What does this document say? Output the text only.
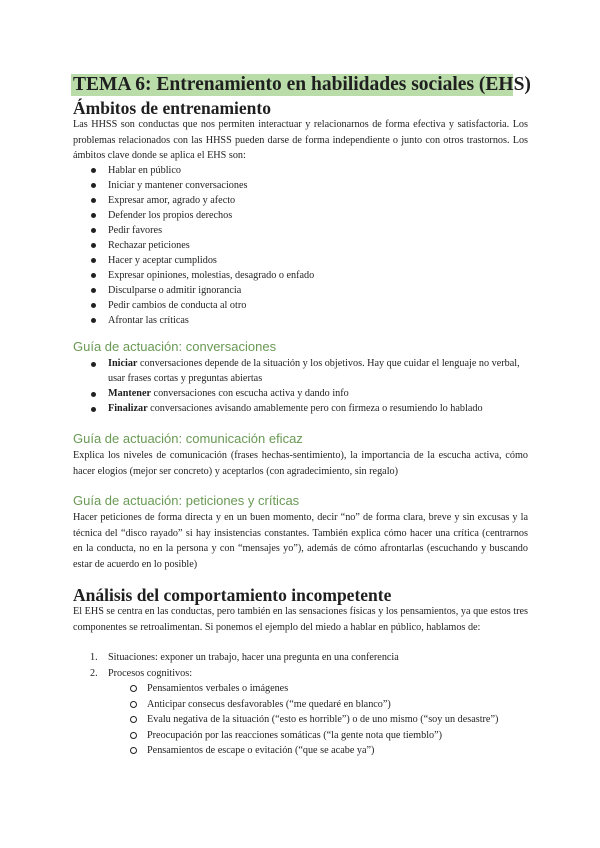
TEMA 6: Entrenamiento en habilidades sociales (EHS)
Ámbitos de entrenamiento
Las HHSS son conductas que nos permiten interactuar y relacionarnos de forma efectiva y satisfactoria. Los problemas relacionados con las HHSS pueden darse de forma independiente o junto con otros trastornos. Los ámbitos clave donde se aplica el EHS son:
Hablar en público
Iniciar y mantener conversaciones
Expresar amor, agrado y afecto
Defender los propios derechos
Pedir favores
Rechazar peticiones
Hacer y aceptar cumplidos
Expresar opiniones, molestias, desagrado o enfado
Disculparse o admitir ignorancia
Pedir cambios de conducta al otro
Afrontar las críticas
Guía de actuación: conversaciones
Iniciar conversaciones depende de la situación y los objetivos. Hay que cuidar el lenguaje no verbal, usar frases cortas y preguntas abiertas
Mantener conversaciones con escucha activa y dando info
Finalizar conversaciones avisando amablemente pero con firmeza o resumiendo lo hablado
Guía de actuación: comunicación eficaz
Explica los niveles de comunicación (frases hechas-sentimiento), la importancia de la escucha activa, cómo hacer elogios (mejor ser concreto) y aceptarlos (con agradecimiento, sin regalo)
Guía de actuación: peticiones y críticas
Hacer peticiones de forma directa y en un buen momento, decir “no” de forma clara, breve y sin excusas y la técnica del “disco rayado” si hay insistencias constantes. También explica cómo hacer una crítica (centrarnos en la conducta, no en la persona y con “mensajes yo”), además de cómo afrontarlas (escuchando y buscando estar de acuerdo en lo posible)
Análisis del comportamiento incompetente
El EHS se centra en las conductas, pero también en las sensaciones físicas y los pensamientos, ya que estos tres componentes se retroalimentan. Si ponemos el ejemplo del miedo a hablar en público, hablamos de:
1. Situaciones: exponer un trabajo, hacer una pregunta en una conferencia
2. Procesos cognitivos:
Pensamientos verbales o imágenes
Anticipar consecus desfavorables (“me quedaré en blanco”)
Evalu negativa de la situación (“esto es horrible”) o de uno mismo (“soy un desastre”)
Preocupación por las reacciones somáticas (“la gente nota que tiemblo”)
Pensamientos de escape o evitación (“que se acabe ya”)
